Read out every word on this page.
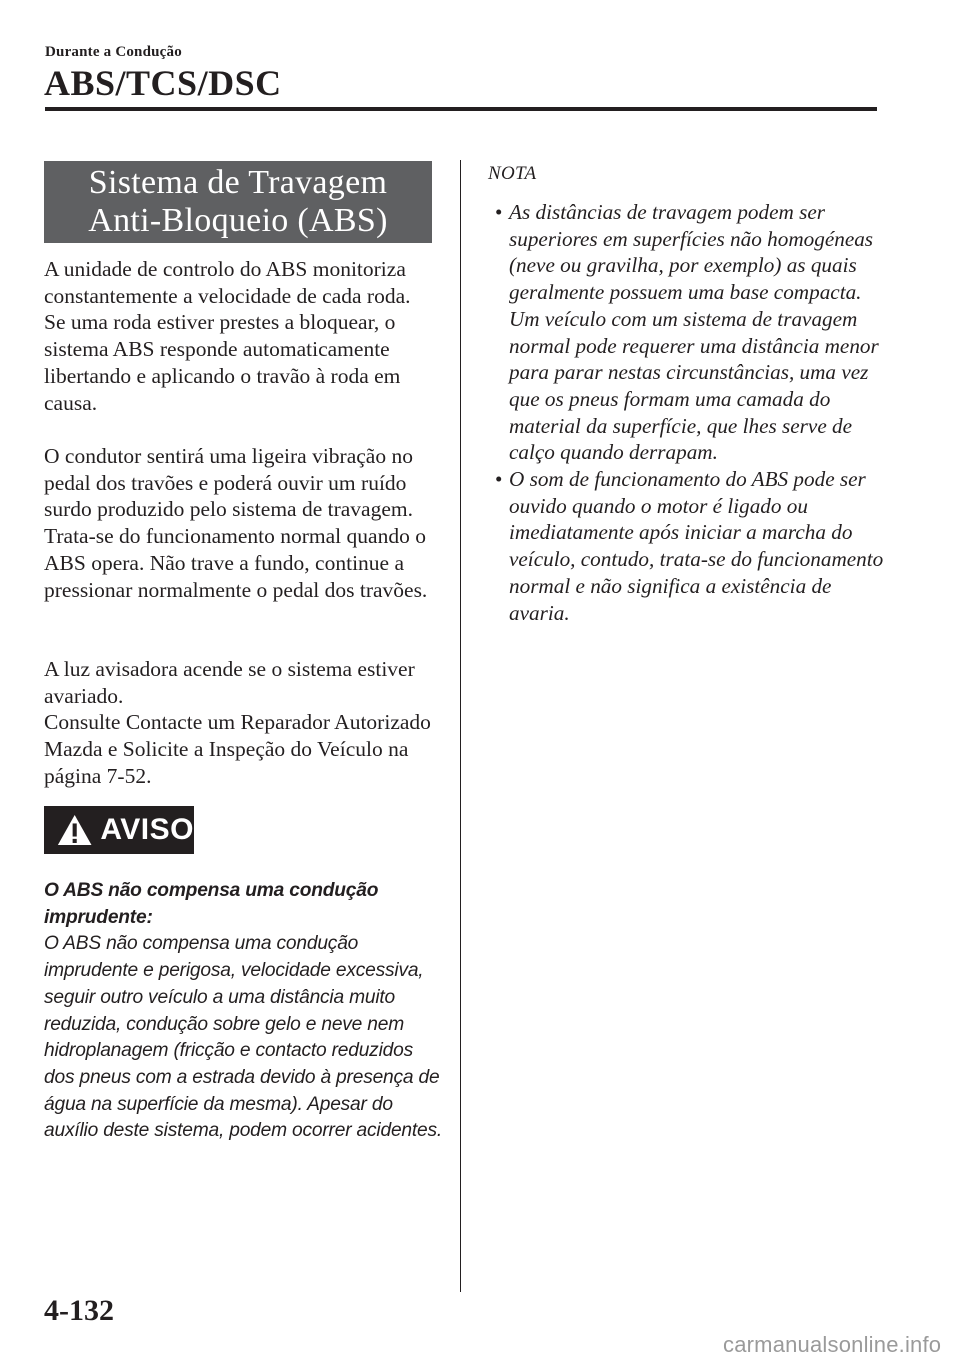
Durante a Condução
ABS/TCS/DSC
Sistema de Travagem
Anti-Bloqueio (ABS)

A unidade de controlo do ABS monitoriza constantemente a velocidade de cada roda. Se uma roda estiver prestes a bloquear, o sistema ABS responde automaticamente libertando e aplicando o travão à roda em causa.

O condutor sentirá uma ligeira vibração no pedal dos travões e poderá ouvir um ruído surdo produzido pelo sistema de travagem. Trata-se do funcionamento normal quando o ABS opera. Não trave a fundo, continue a pressionar normalmente o pedal dos travões.

A luz avisadora acende se o sistema estiver avariado.

Consulte Contacte um Reparador Autorizado Mazda e Solicite a Inspeção do Veículo na página 7-52.

AVISO

O ABS não compensa uma condução imprudente:

O ABS não compensa uma condução imprudente e perigosa, velocidade excessiva, seguir outro veículo a uma distância muito reduzida, condução sobre gelo e neve nem hidroplanagem (fricção e contacto reduzidos dos pneus com a estrada devido à presença de água na superfície da mesma). Apesar do auxílio deste sistema, podem ocorrer acidentes.

NOTA

• As distâncias de travagem podem ser superiores em superfícies não homogéneas (neve ou gravilha, por exemplo) as quais geralmente possuem uma base compacta. Um veículo com um sistema de travagem normal pode requerer uma distância menor para parar nestas circunstâncias, uma vez que os pneus formam uma camada do material da superfície, que lhes serve de calço quando derrapam.

• O som de funcionamento do ABS pode ser ouvido quando o motor é ligado ou imediatamente após iniciar a marcha do veículo, contudo, trata-se do funcionamento normal e não significa a existência de avaria.

4-132
carmanualsonline.info
